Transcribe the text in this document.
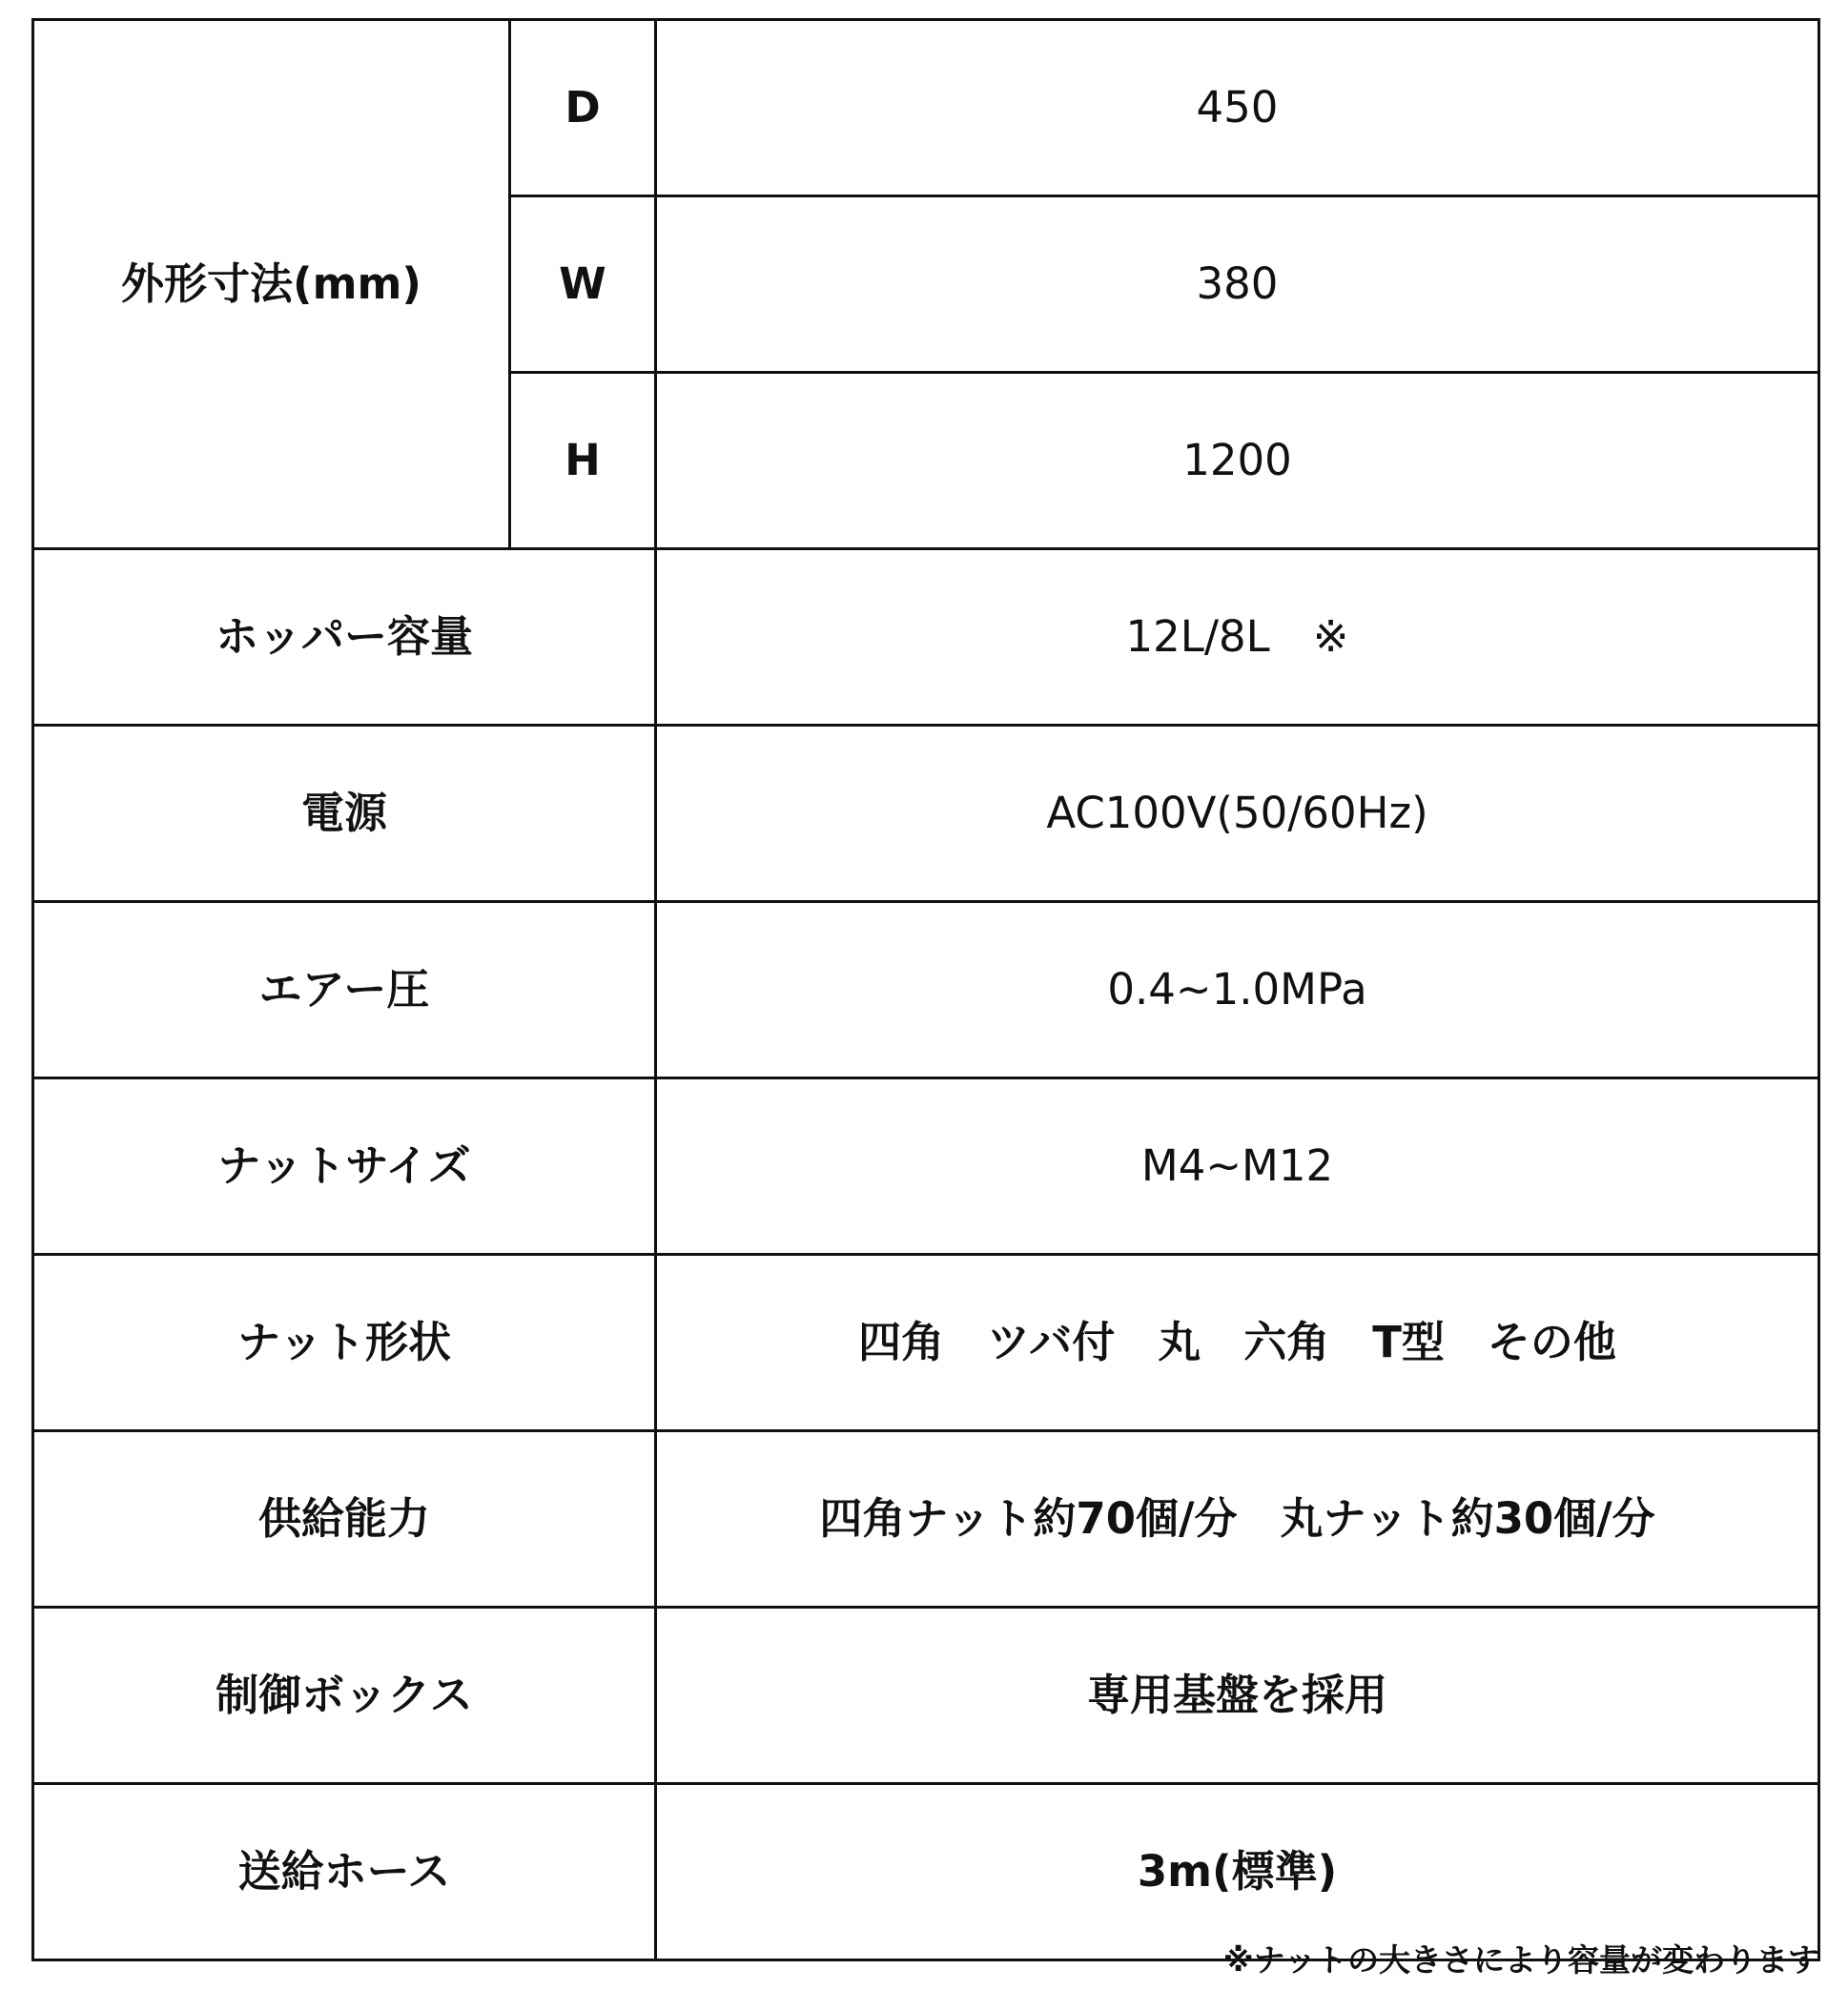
外形寸法(mm)	D	450
	W	380
	H	1200
ホッパー容量		12L/8L　※
電源		AC100V(50/60Hz)
エアー圧		0.4~1.0MPa
ナットサイズ		M4~M12
ナット形状		四角　ツバ付　丸　六角　T型　その他
供給能力		四角ナット約70個/分　丸ナット約30個/分
制御ボックス		専用基盤を採用
送給ホース		3m(標準)
※ナットの大きさにより容量が変わります
